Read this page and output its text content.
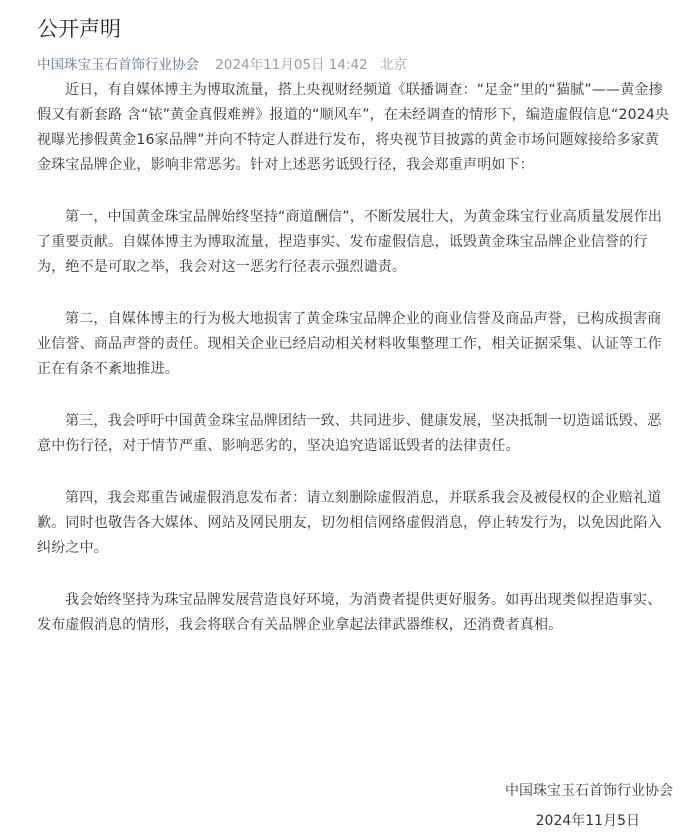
公开声明
中国珠宝玉石首饰行业协会 2024年11月05日 14:42 北京

近日，有自媒体博主为博取流量，搭上央视财经频道《联播调查：“足金”里的“猫腻”——黄金掺假又有新套路 含“铱”黄金真假难辨》报道的“顺风车”，在未经调查的情形下，编造虚假信息“2024央视曝光掺假黄金16家品牌”并向不特定人群进行发布，将央视节目披露的黄金市场问题嫁接给多家黄金珠宝品牌企业，影响非常恶劣。针对上述恶劣诋毁行径，我会郑重声明如下：

第一，中国黄金珠宝品牌始终坚持“商道酬信”，不断发展壮大，为黄金珠宝行业高质量发展作出了重要贡献。自媒体博主为博取流量，捏造事实、发布虚假信息，诋毁黄金珠宝品牌企业信誉的行为，绝不是可取之举，我会对这一恶劣行径表示强烈谴责。

第二，自媒体博主的行为极大地损害了黄金珠宝品牌企业的商业信誉及商品声誉，已构成损害商业信誉、商品声誉的责任。现相关企业已经启动相关材料收集整理工作，相关证据采集、认证等工作正在有条不紊地推进。

第三，我会呼吁中国黄金珠宝品牌团结一致、共同进步、健康发展，坚决抵制一切造谣诋毁、恶意中伤行径，对于情节严重、影响恶劣的，坚决追究造谣诋毁者的法律责任。

第四，我会郑重告诫虚假消息发布者：请立刻删除虚假消息，并联系我会及被侵权的企业赔礼道歉。同时也敬告各大媒体、网站及网民朋友，切勿相信网络虚假消息，停止转发行为，以免因此陷入纠纷之中。

我会始终坚持为珠宝品牌发展营造良好环境，为消费者提供更好服务。如再出现类似捏造事实、发布虚假消息的情形，我会将联合有关品牌企业拿起法律武器维权，还消费者真相。

中国珠宝玉石首饰行业协会
2024年11月5日
